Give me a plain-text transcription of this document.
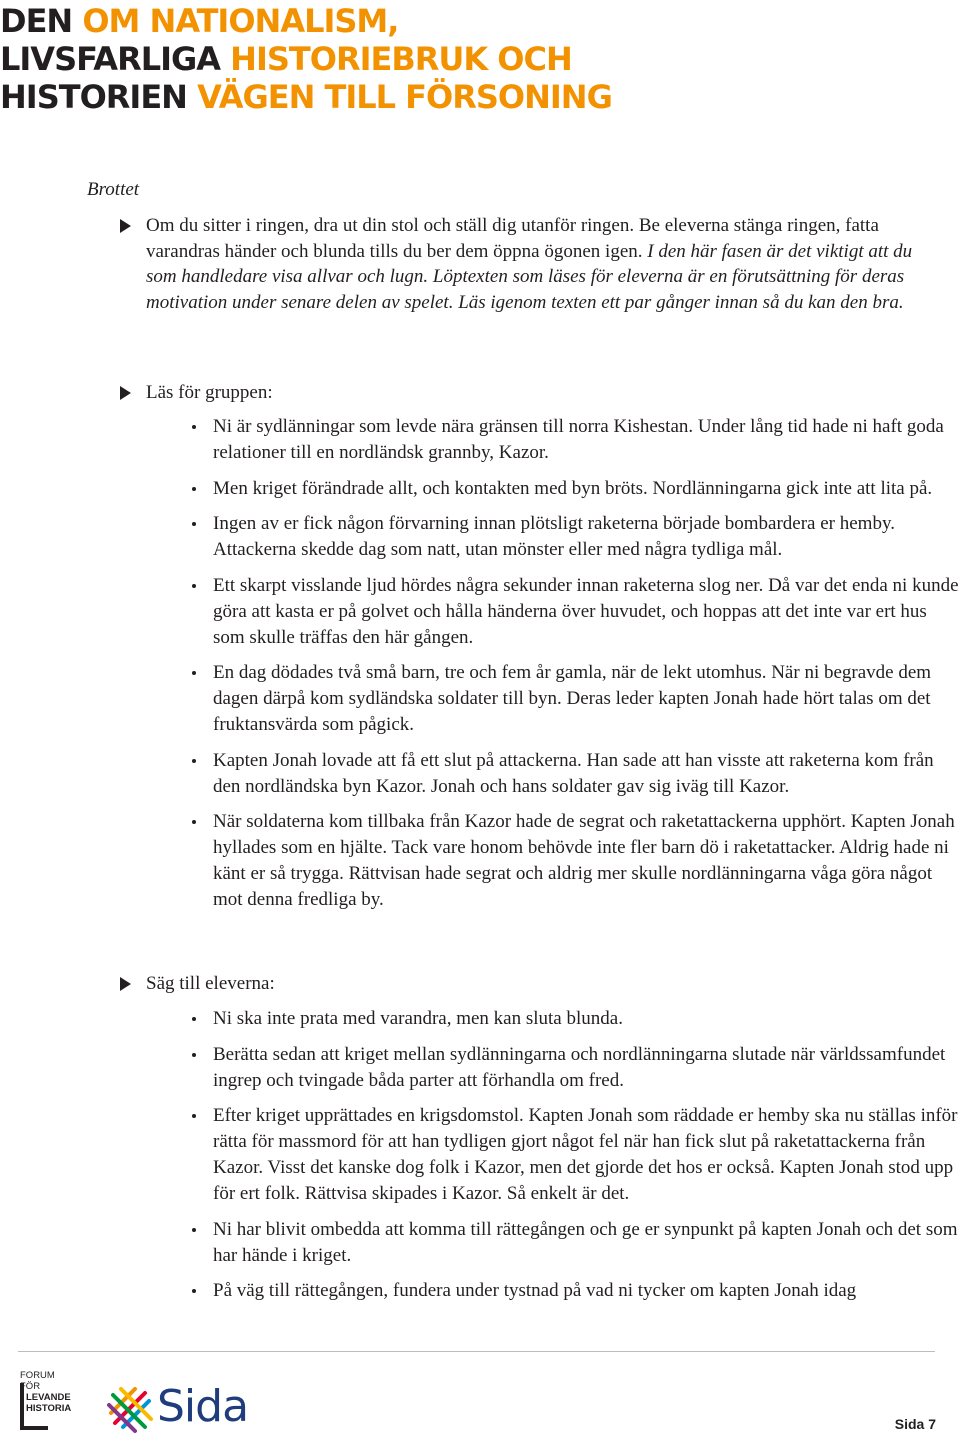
DEN OM NATIONALISM,
LIVSFARLIGA HISTORIEBRUK OCH
HISTORIEN VÄGEN TILL FÖRSONING
Brottet
Om du sitter i ringen, dra ut din stol och ställ dig utanför ringen. Be eleverna stänga ringen, fatta varandras händer och blunda tills du ber dem öppna ögonen igen. I den här fasen är det viktigt att du som handledare visa allvar och lugn. Löptexten som läses för eleverna är en förutsättning för deras motivation under senare delen av spelet. Läs igenom texten ett par gånger innan så du kan den bra.
Läs för gruppen:
Ni är sydlänningar som levde nära gränsen till norra Kishestan. Under lång tid hade ni haft goda relationer till en nordländsk grannby, Kazor.
Men kriget förändrade allt, och kontakten med byn bröts. Nordlänningarna gick inte att lita på.
Ingen av er fick någon förvarning innan plötsligt raketerna började bombardera er hemby. Attackerna skedde dag som natt, utan mönster eller med några tydliga mål.
Ett skarpt visslande ljud hördes några sekunder innan raketerna slog ner. Då var det enda ni kunde göra att kasta er på golvet och hålla händerna över huvudet, och hoppas att det inte var ert hus som skulle träffas den här gången.
En dag dödades två små barn, tre och fem år gamla, när de lekt utomhus. När ni begravde dem dagen därpå kom sydländska soldater till byn. Deras leder kapten Jonah hade hört talas om det fruktansvärda som pågick.
Kapten Jonah lovade att få ett slut på attackerna. Han sade att han visste att raketerna kom från den nordländska byn Kazor. Jonah och hans soldater gav sig iväg till Kazor.
När soldaterna kom tillbaka från Kazor hade de segrat och raketattackerna upphört. Kapten Jonah hyllades som en hjälte. Tack vare honom behövde inte fler barn dö i raketattacker. Aldrig hade ni känt er så trygga. Rättvisan hade segrat och aldrig mer skulle nordlänningarna våga göra något mot denna fredliga by.
Säg till eleverna:
Ni ska inte prata med varandra, men kan sluta blunda.
Berätta sedan att kriget mellan sydlänningarna och nordlänningarna slutade när världssamfundet ingrep och tvingade båda parter att förhandla om fred.
Efter kriget upprättades en krigsdomstol. Kapten Jonah som räddade er hemby ska nu ställas inför rätta för massmord för att han tydligen gjort något fel när han fick slut på raketattackerna från Kazor. Visst det kanske dog folk i Kazor, men det gjorde det hos er också. Kapten Jonah stod upp för ert folk. Rättvisa skipades i Kazor. Så enkelt är det.
Ni har blivit ombedda att komma till rättegången och ge er synpunkt på kapten Jonah och det som har hände i kriget.
På väg till rättegången, fundera under tystnad på vad ni tycker om kapten Jonah idag
FORUM
FÖR
LEVANDE
HISTORIA Sida	Sida 7
